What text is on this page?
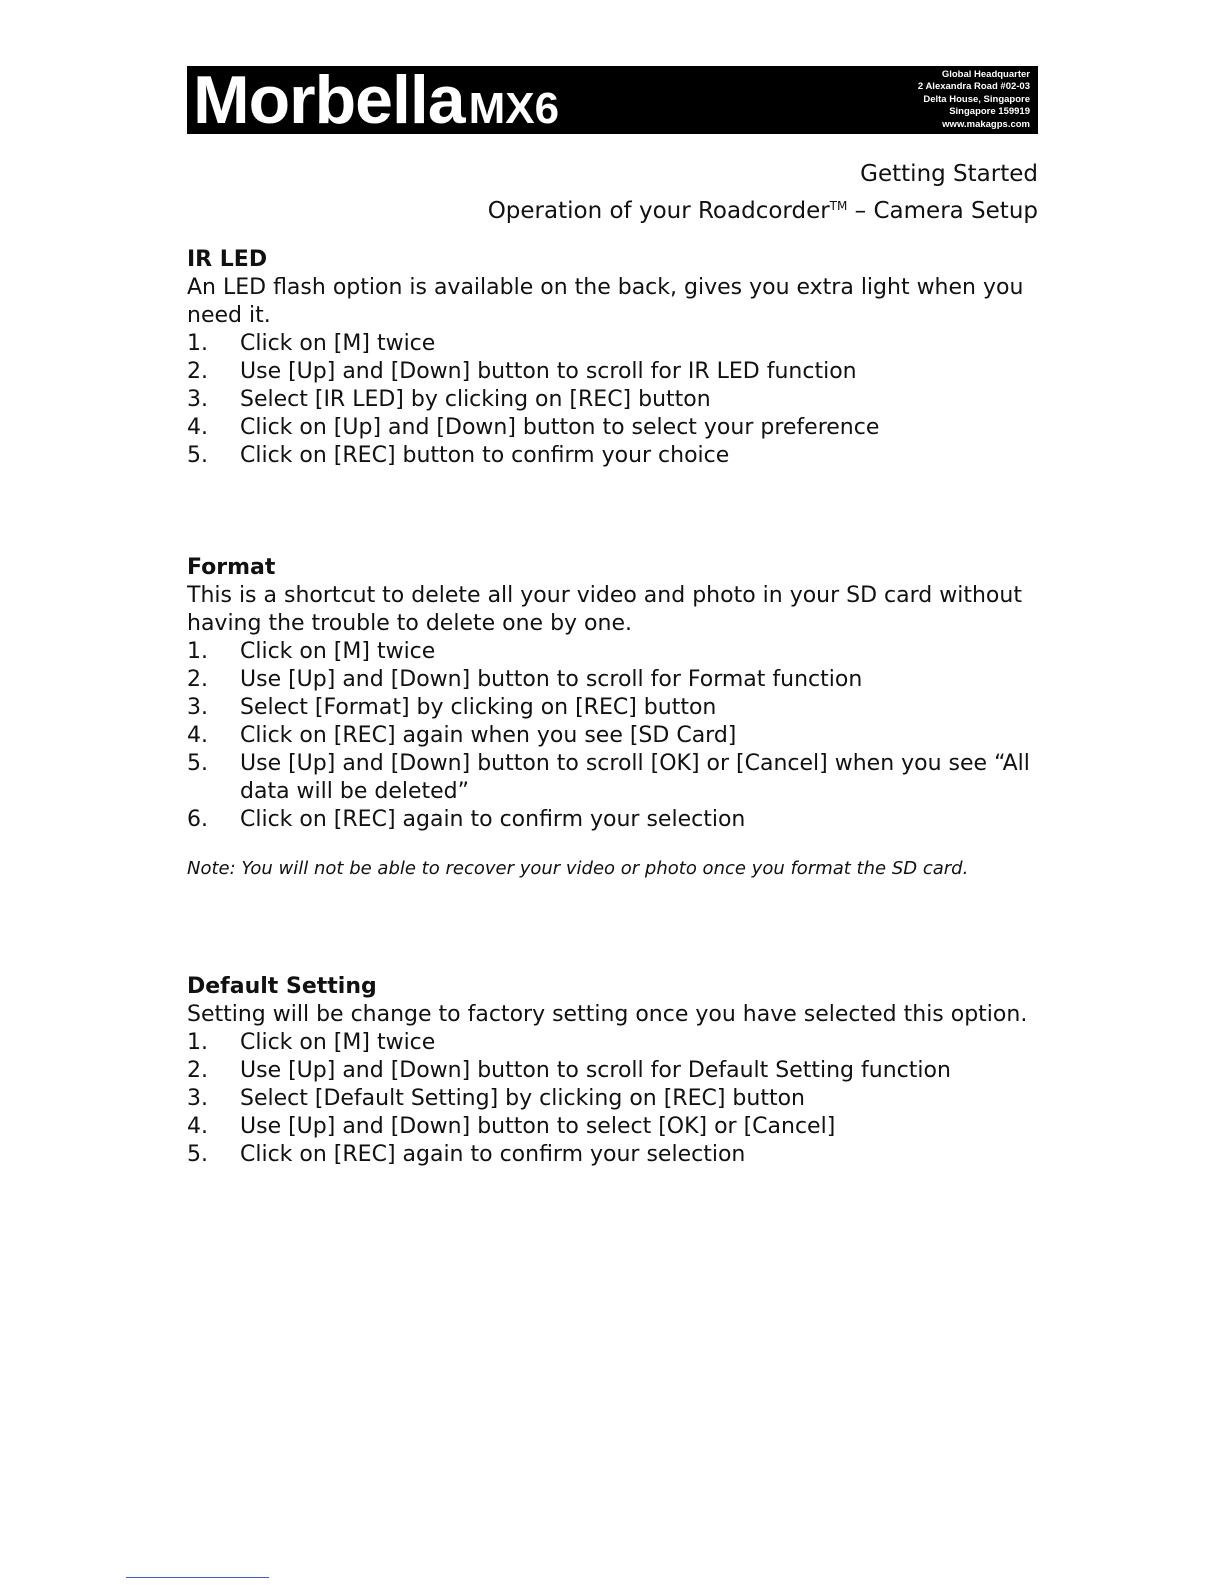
MorbellaMX6
Global Headquarter
2 Alexandra Road #02-03
Delta House, Singapore
Singapore 159919
www.makagps.com
Getting Started
Operation of your Roadcorder™ – Camera Setup
IR LED

An LED flash option is available on the back, gives you extra light when you need it.

1. Click on [M] twice
2. Use [Up] and [Down] button to scroll for IR LED function
3. Select [IR LED] by clicking on [REC] button
4. Click on [Up] and [Down] button to select your preference
5. Click on [REC] button to confirm your choice
Format

This is a shortcut to delete all your video and photo in your SD card without having the trouble to delete one by one.

1. Click on [M] twice
2. Use [Up] and [Down] button to scroll for Format function
3. Select [Format] by clicking on [REC] button
4. Click on [REC] again when you see [SD Card]
5. Use [Up] and [Down] button to scroll [OK] or [Cancel] when you see “All data will be deleted”
6. Click on [REC] again to confirm your selection
Note: You will not be able to recover your video or photo once you format the SD card.
Default Setting

Setting will be change to factory setting once you have selected this option.

1. Click on [M] twice
2. Use [Up] and [Down] button to scroll for Default Setting function
3. Select [Default Setting] by clicking on [REC] button
4. Use [Up] and [Down] button to select [OK] or [Cancel]
5. Click on [REC] again to confirm your selection
